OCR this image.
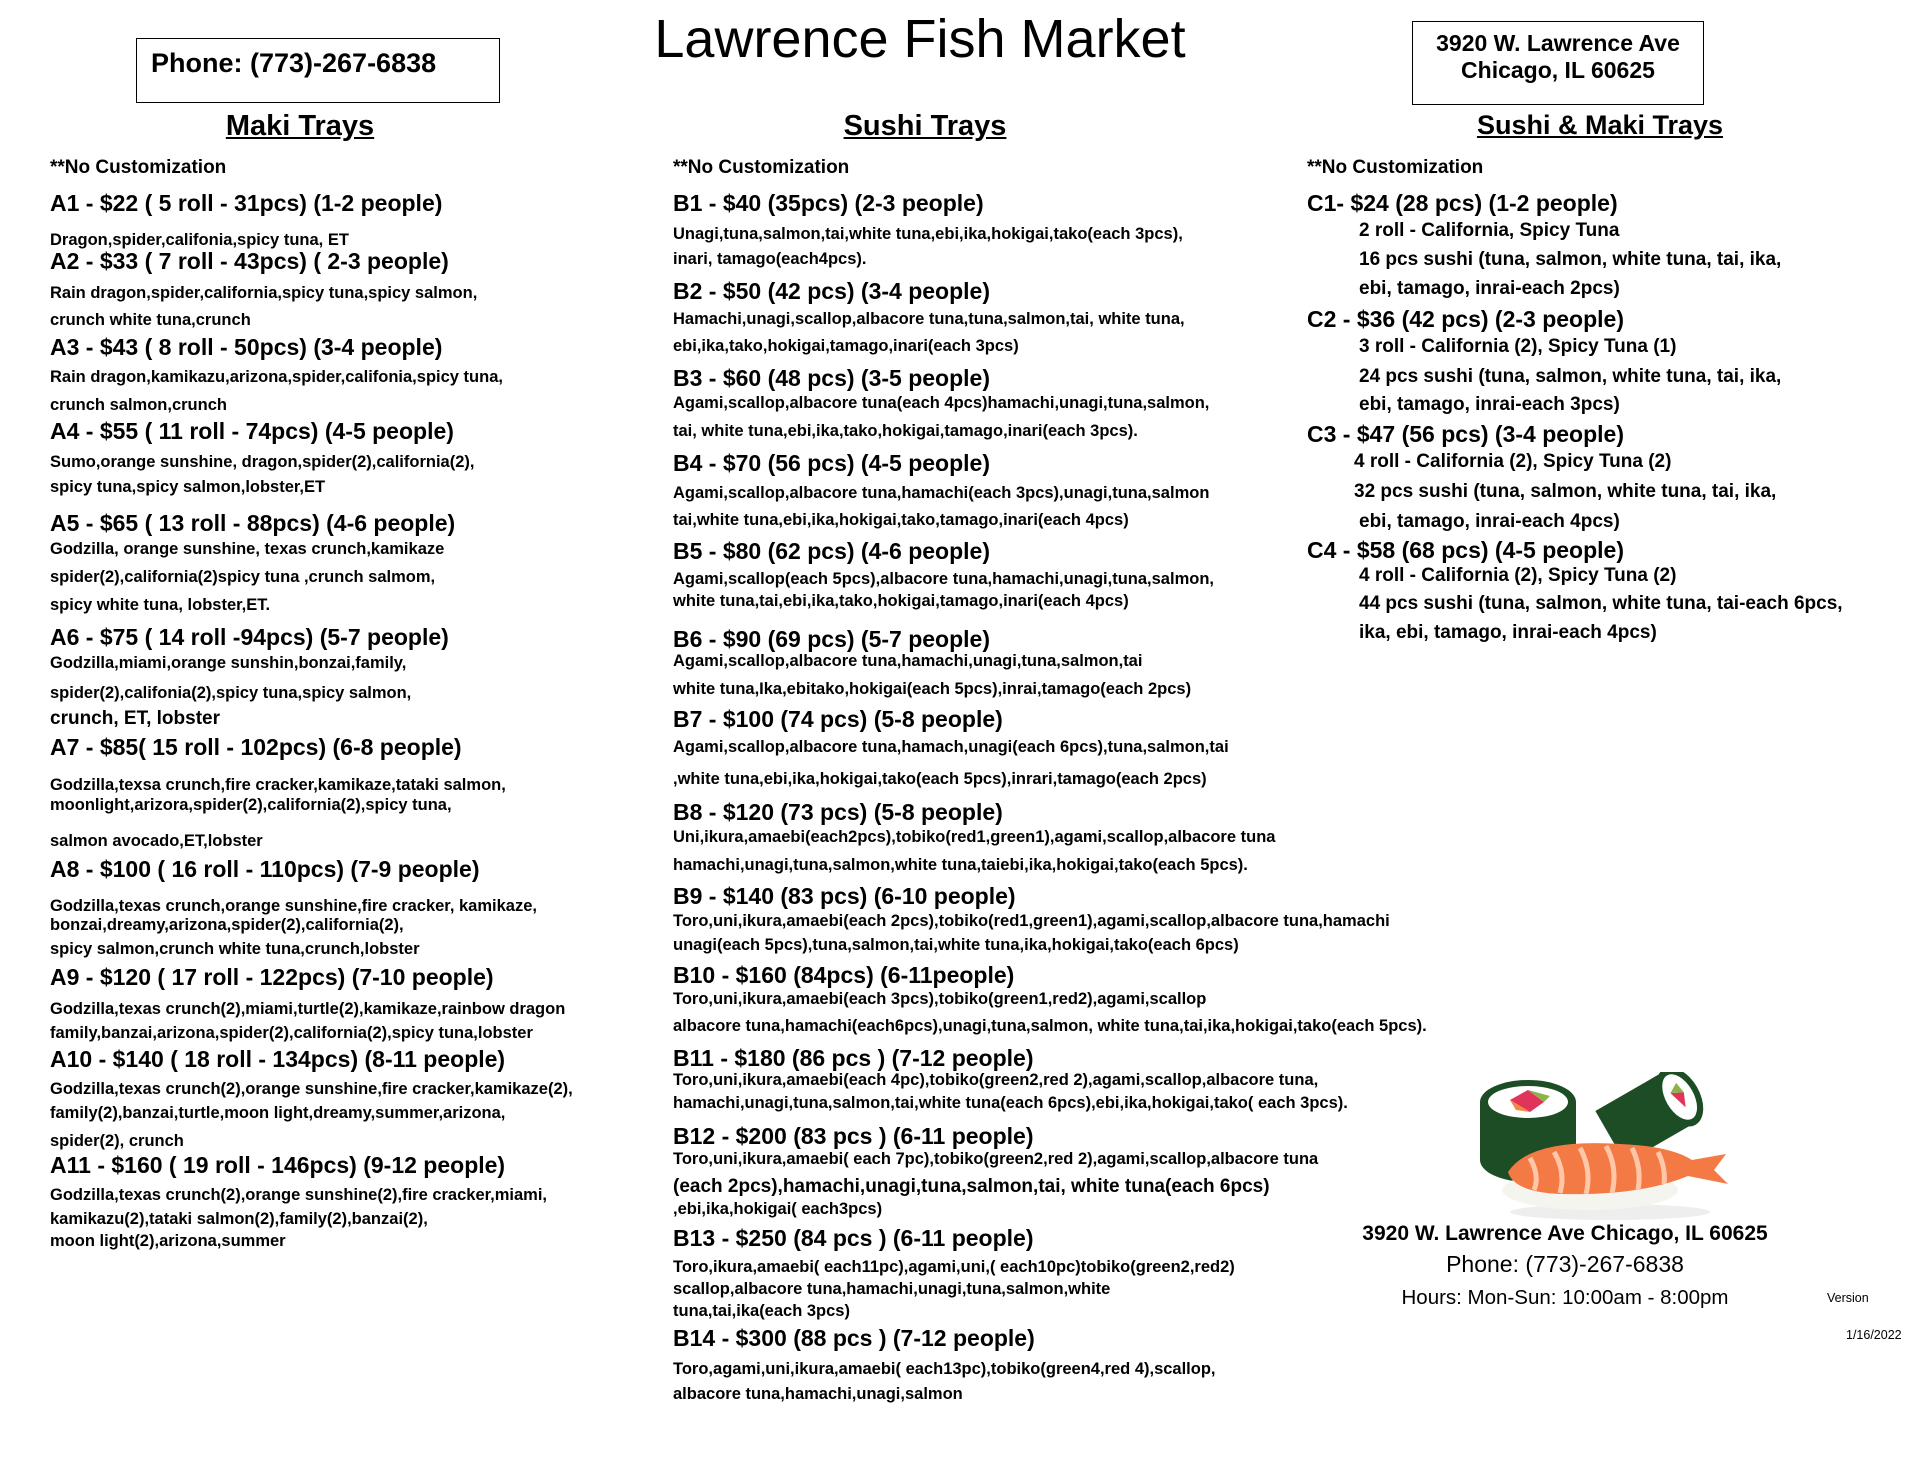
Phone: (773)-267-6838	Lawrence Fish Market	3920 W. Lawrence Ave
Chicago, IL 60625
Maki Trays	Sushi Trays	Sushi & Maki Trays
**No Customization	**No Customization	**No Customization
A1 - $22 ( 5 roll - 31pcs) (1-2 people)
Dragon,spider,califonia,spicy tuna, ET
A2 - $33 ( 7 roll - 43pcs) ( 2-3 people)
Rain dragon,spider,california,spicy tuna,spicy salmon,
crunch white tuna,crunch
A3 - $43 ( 8 roll - 50pcs) (3-4 people)
Rain dragon,kamikazu,arizona,spider,califonia,spicy tuna,
crunch salmon,crunch
A4 - $55 ( 11 roll - 74pcs) (4-5 people)
Sumo,orange sunshine, dragon,spider(2),california(2),
spicy tuna,spicy salmon,lobster,ET
A5 - $65 ( 13 roll - 88pcs) (4-6 people)
Godzilla, orange sunshine, texas crunch,kamikaze
spider(2),california(2)spicy tuna ,crunch salmom,
spicy white tuna, lobster,ET.
A6 - $75 ( 14 roll -94pcs) (5-7 people)
Godzilla,miami,orange sunshin,bonzai,family,
spider(2),califonia(2),spicy tuna,spicy salmon,
crunch, ET, lobster
A7 - $85( 15 roll - 102pcs) (6-8 people)
Godzilla,texsa crunch,fire cracker,kamikaze,tataki salmon,
moonlight,arizora,spider(2),california(2),spicy tuna,
salmon avocado,ET,lobster
A8 - $100 ( 16 roll - 110pcs) (7-9 people)
Godzilla,texas crunch,orange sunshine,fire cracker, kamikaze,
bonzai,dreamy,arizona,spider(2),california(2),
spicy salmon,crunch white tuna,crunch,lobster
A9 - $120 ( 17 roll - 122pcs) (7-10 people)
Godzilla,texas crunch(2),miami,turtle(2),kamikaze,rainbow dragon
family,banzai,arizona,spider(2),california(2),spicy tuna,lobster
A10 - $140 ( 18 roll - 134pcs) (8-11 people)
Godzilla,texas crunch(2),orange sunshine,fire cracker,kamikaze(2),
family(2),banzai,turtle,moon light,dreamy,summer,arizona,
spider(2), crunch
A11 - $160 ( 19 roll - 146pcs) (9-12 people)
Godzilla,texas crunch(2),orange sunshine(2),fire cracker,miami,
kamikazu(2),tataki salmon(2),family(2),banzai(2),
moon light(2),arizona,summer
B1 - $40 (35pcs) (2-3 people)
Unagi,tuna,salmon,tai,white tuna,ebi,ika,hokigai,tako(each 3pcs),
inari, tamago(each4pcs).
B2 - $50 (42 pcs) (3-4 people)
Hamachi,unagi,scallop,albacore tuna,tuna,salmon,tai, white tuna,
ebi,ika,tako,hokigai,tamago,inari(each 3pcs)
B3 - $60 (48 pcs) (3-5 people)
Agami,scallop,albacore tuna(each 4pcs)hamachi,unagi,tuna,salmon,
tai, white tuna,ebi,ika,tako,hokigai,tamago,inari(each 3pcs).
B4 - $70 (56 pcs) (4-5 people)
Agami,scallop,albacore tuna,hamachi(each 3pcs),unagi,tuna,salmon
tai,white tuna,ebi,ika,hokigai,tako,tamago,inari(each 4pcs)
B5 - $80 (62 pcs) (4-6 people)
Agami,scallop(each 5pcs),albacore tuna,hamachi,unagi,tuna,salmon,
white tuna,tai,ebi,ika,tako,hokigai,tamago,inari(each 4pcs)
B6 - $90 (69 pcs) (5-7 people)
Agami,scallop,albacore tuna,hamachi,unagi,tuna,salmon,tai
white tuna,Ika,ebitako,hokigai(each 5pcs),inrai,tamago(each 2pcs)
B7 - $100 (74 pcs) (5-8 people)
Agami,scallop,albacore tuna,hamach,unagi(each 6pcs),tuna,salmon,tai
,white tuna,ebi,ika,hokigai,tako(each 5pcs),inrari,tamago(each 2pcs)
B8 - $120 (73 pcs) (5-8 people)
Uni,ikura,amaebi(each2pcs),tobiko(red1,green1),agami,scallop,albacore tuna
hamachi,unagi,tuna,salmon,white tuna,taiebi,ika,hokigai,tako(each 5pcs).
B9 - $140 (83 pcs) (6-10 people)
Toro,uni,ikura,amaebi(each 2pcs),tobiko(red1,green1),agami,scallop,albacore tuna,hamachi
unagi(each 5pcs),tuna,salmon,tai,white tuna,ika,hokigai,tako(each 6pcs)
B10 - $160 (84pcs) (6-11people)
Toro,uni,ikura,amaebi(each 3pcs),tobiko(green1,red2),agami,scallop
albacore tuna,hamachi(each6pcs),unagi,tuna,salmon, white tuna,tai,ika,hokigai,tako(each 5pcs).
B11 - $180 (86 pcs ) (7-12 people)
Toro,uni,ikura,amaebi(each 4pc),tobiko(green2,red 2),agami,scallop,albacore tuna,
hamachi,unagi,tuna,salmon,tai,white tuna(each 6pcs),ebi,ika,hokigai,tako( each 3pcs).
B12 - $200 (83 pcs ) (6-11 people)
Toro,uni,ikura,amaebi( each 7pc),tobiko(green2,red 2),agami,scallop,albacore tuna
(each 2pcs),hamachi,unagi,tuna,salmon,tai, white tuna(each 6pcs)
,ebi,ika,hokigai( each3pcs)
B13 - $250 (84 pcs ) (6-11 people)
Toro,ikura,amaebi( each11pc),agami,uni,( each10pc)tobiko(green2,red2)
scallop,albacore tuna,hamachi,unagi,tuna,salmon,white
tuna,tai,ika(each 3pcs)
B14 - $300 (88 pcs ) (7-12 people)
Toro,agami,uni,ikura,amaebi( each13pc),tobiko(green4,red 4),scallop,
albacore tuna,hamachi,unagi,salmon
C1- $24 (28 pcs) (1-2 people)
2 roll - California, Spicy Tuna
16 pcs sushi (tuna, salmon, white tuna, tai, ika,
ebi, tamago, inrai-each 2pcs)
C2 - $36 (42 pcs) (2-3 people)
3 roll - California (2), Spicy Tuna (1)
24 pcs sushi (tuna, salmon, white tuna, tai, ika,
ebi, tamago, inrai-each 3pcs)
C3 - $47 (56 pcs) (3-4 people)
4 roll - California (2), Spicy Tuna (2)
32 pcs sushi (tuna, salmon, white tuna, tai, ika,
ebi, tamago, inrai-each 4pcs)
C4 - $58 (68 pcs) (4-5 people)
4 roll - California (2), Spicy Tuna (2)
44 pcs sushi (tuna, salmon, white tuna, tai-each 6pcs,
ika, ebi, tamago, inrai-each 4pcs)
3920 W. Lawrence Ave Chicago, IL 60625
Phone: (773)-267-6838
Hours: Mon-Sun: 10:00am - 8:00pm	Version
1/16/2022
